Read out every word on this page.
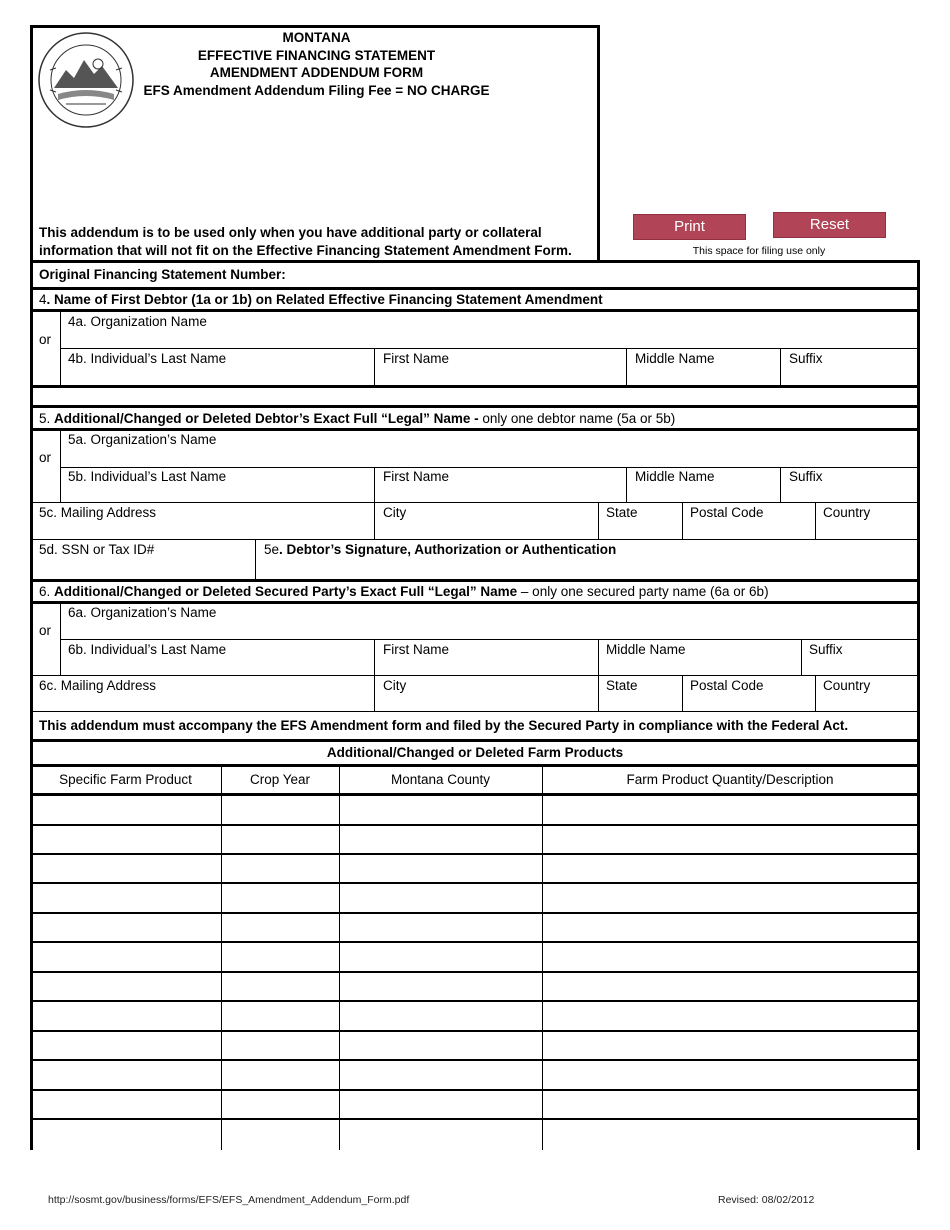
MONTANA
EFFECTIVE FINANCING STATEMENT
AMENDMENT ADDENDUM FORM
EFS Amendment Addendum Filing Fee = NO CHARGE
This addendum is to be used only when you have additional party or collateral
information that will not fit on the Effective Financing Statement Amendment Form.
Print	Reset
This space for filing use only
Original Financing Statement Number:
4. Name of First Debtor (1a or 1b) on Related Effective Financing Statement Amendment
or
4a. Organization Name
4b. Individual’s Last Name	First Name	Middle Name	Suffix
5. Additional/Changed or Deleted Debtor’s Exact Full “Legal” Name - only one debtor name (5a or 5b)
or
5a. Organization’s Name
5b. Individual’s Last Name	First Name	Middle Name	Suffix
5c. Mailing Address	City	State	Postal Code	Country
5d. SSN or Tax ID#	5e. Debtor’s Signature, Authorization or Authentication
6. Additional/Changed or Deleted Secured Party’s Exact Full “Legal” Name – only one secured party name (6a or 6b)
or
6a. Organization’s Name
6b. Individual’s Last Name	First Name	Middle Name	Suffix
6c. Mailing Address	City	State	Postal Code	Country
This addendum must accompany the EFS Amendment form and filed by the Secured Party in compliance with the Federal Act.
Additional/Changed or Deleted Farm Products
Specific Farm Product	Crop Year	Montana County	Farm Product Quantity/Description
http://sosmt.gov/business/forms/EFS/EFS_Amendment_Addendum_Form.pdf	Revised: 08/02/2012
